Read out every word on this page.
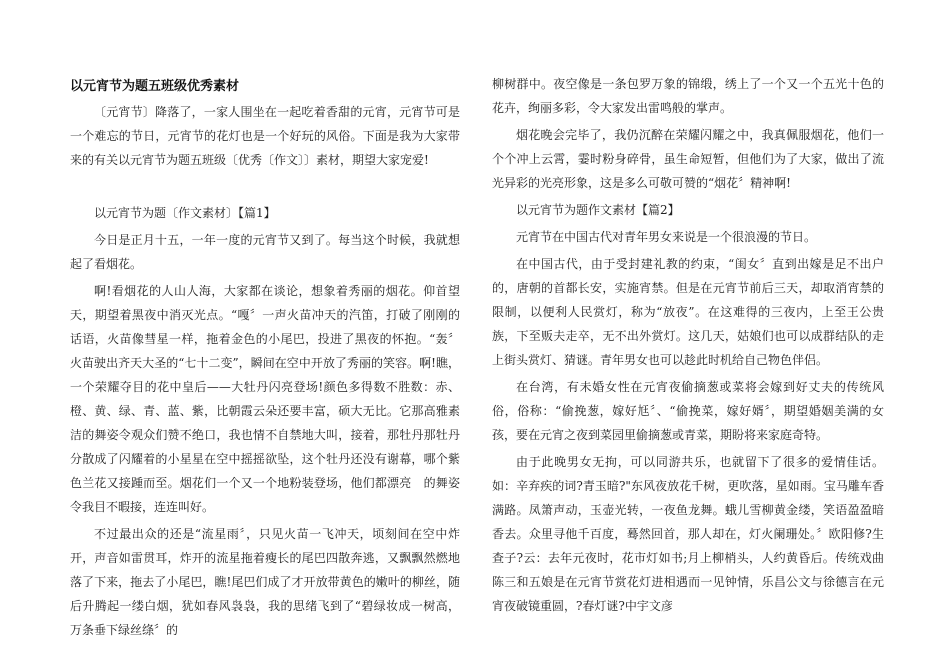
以元宵节为题五班级优秀素材

〔元宵节〕降落了，一家人围坐在一起吃着香甜的元宵，元宵节可是一个难忘的节日，元宵节的花灯也是一个好玩的风俗。下面是我为大家带来的有关以元宵节为题五班级〔优秀〔作文〕〕素材，期望大家宠爱!

以元宵节为题〔作文素材〕【篇1】

今日是正月十五，一年一度的元宵节又到了。每当这个时候，我就想起了看烟花。

啊!看烟花的人山人海，大家都在谈论，想象着秀丽的烟花。仰首望天，期望着黑夜中消灭光点。“嘎〞一声火苗冲天的汽笛，打破了刚刚的话语，火苗像彗星一样，拖着金色的小尾巴，投进了黑夜的怀抱。“轰〞火苗驶出齐天大圣的“七十二变”，瞬间在空中开放了秀丽的笑容。啊!瞧，一个荣耀夺目的花中皇后——大牡丹闪亮登场!颜色多得数不胜数：赤、橙、黄、绿、青、蓝、紫，比朝霞云朵还要丰富，硕大无比。它那高雅素洁的舞姿令观众们赞不绝口，我也情不自禁地大叫，接着，那牡丹那牡丹分散成了闪耀着的小星星在空中摇摇欲坠，这个牡丹还没有谢幕，哪个紫色兰花又接踵而至。烟花们一个又一个地粉装登场，他们都漂亮　的舞姿令我目不暇接，连连叫好。

不过最出众的还是“流星雨〞，只见火苗一飞冲天，顷刻间在空中炸开，声音如雷贯耳，炸开的流星拖着瘦长的尾巴四散奔逃，又飘飘然燃地落了下来，拖去了小尾巴，瞧!尾巴们成了才开放带黄色的嫩叶的柳丝，随后升腾起一缕白烟，犹如春风袅袅，我的思绪飞到了“碧绿妆成一树高，万条垂下绿丝绦〞的

柳树群中。夜空像是一条包罗万象的锦缎，绣上了一个又一个五光十色的花卉，绚丽多彩，令大家发出雷鸣般的掌声。

烟花晚会完毕了，我仍沉醉在荣耀闪耀之中，我真佩服烟花，他们一个个冲上云霄，霎时粉身碎骨，虽生命短暂，但他们为了大家，做出了流光异彩的光亮形象，这是多么可敬可赞的“烟花〞精神啊!

以元宵节为题作文素材【篇2】

元宵节在中国古代对青年男女来说是一个很浪漫的节日。

在中国古代，由于受封建礼教的约束，“闺女〞直到出嫁是足不出户的，唐朝的首都长安，实施宵禁。但是在元宵节前后三天，却取消宵禁的限制，以便利人民赏灯，称为“放夜”。在这难得的三夜内，上至王公贵族，下至贩夫走卒，无不出外赏灯。这几天，姑娘们也可以成群结队的走上街头赏灯、猜谜。青年男女也可以趁此时机给自己物色伴侣。

在台湾，有未婚女性在元宵夜偷摘葱或菜将会嫁到好丈夫的传统风俗，俗称：“偷挽葱，嫁好尪〞、“偷挽菜，嫁好婿〞，期望婚姻美满的女孩，要在元宵之夜到菜园里偷摘葱或青菜，期盼将来家庭奇特。

由于此晚男女无拘，可以同游共乐，也就留下了很多的爱情佳话。如：辛弃疾的词?青玉暗?"东风夜放花千树，更吹落，星如雨。宝马雕车香满路。凤箫声动，玉壶光转，一夜鱼龙舞。蛾儿雪柳黄金缕，笑语盈盈暗香去。众里寻他千百度，蓦然回首，那人却在，灯火阑珊处。〞欧阳修?生查子?云：去年元夜时，花市灯如书;月上柳梢头，人约黄昏后。传统戏曲陈三和五娘是在元宵节赏花灯进相遇而一见钟情，乐昌公文与徐德言在元宵夜破镜重圆，?春灯谜?中宇文彦
